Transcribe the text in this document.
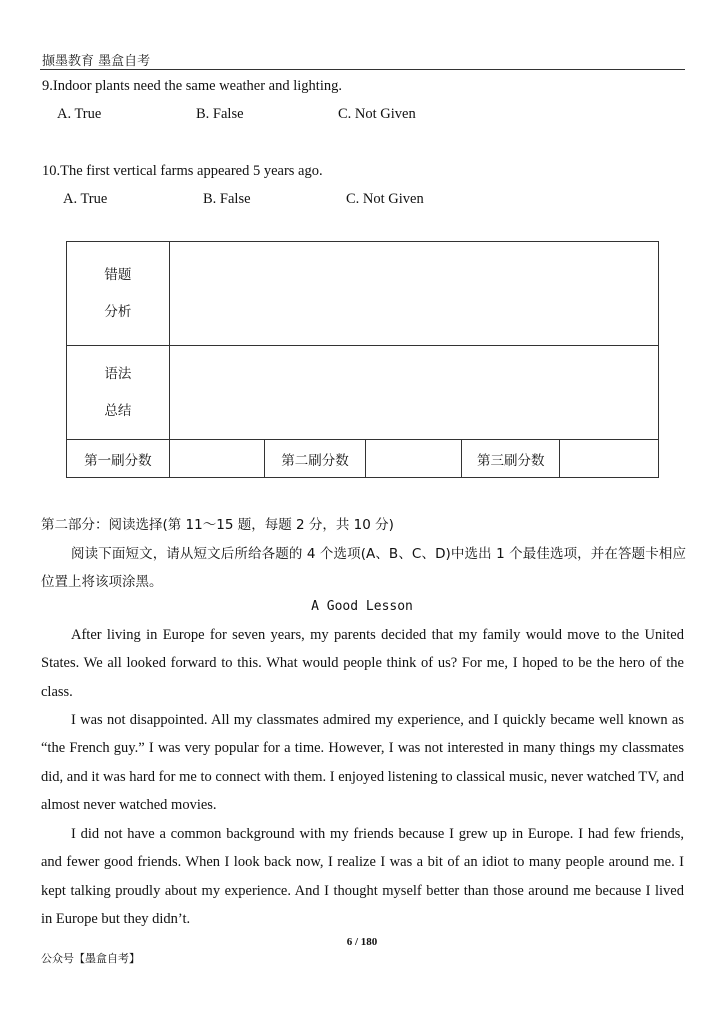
撷墨教育 墨盒自考
9.Indoor plants need the same weather and lighting.
A. True	B. False	C. Not Given
10.The first vertical farms appeared 5 years ago.
A. True	B. False	C. Not Given
错题
分析					

语法
总结					

第一刷分数		第二刷分数		第三刷分数	
第二部分：阅读选择(第 11～15 题，每题 2 分，共 10 分)
阅读下面短文，请从短文后所给各题的 4 个选项(A、B、C、D)中选出 1 个最佳选项，并在答题卡相应位置上将该项涂黑。
A Good Lesson
After living in Europe for seven years, my parents decided that my family would move to the United States. We all looked forward to this. What would people think of us? For me, I hoped to be the hero of the class.
I was not disappointed. All my classmates admired my experience, and I quickly became well known as “the French guy.” I was very popular for a time. However, I was not interested in many things my classmates did, and it was hard for me to connect with them. I enjoyed listening to classical music, never watched TV, and almost never watched movies.
I did not have a common background with my friends because I grew up in Europe. I had few friends, and fewer good friends. When I look back now, I realize I was a bit of an idiot to many people around me. I kept talking proudly about my experience. And I thought myself better than those around me because I lived in Europe but they didn’t.
6 / 180
公众号【墨盒自考】
